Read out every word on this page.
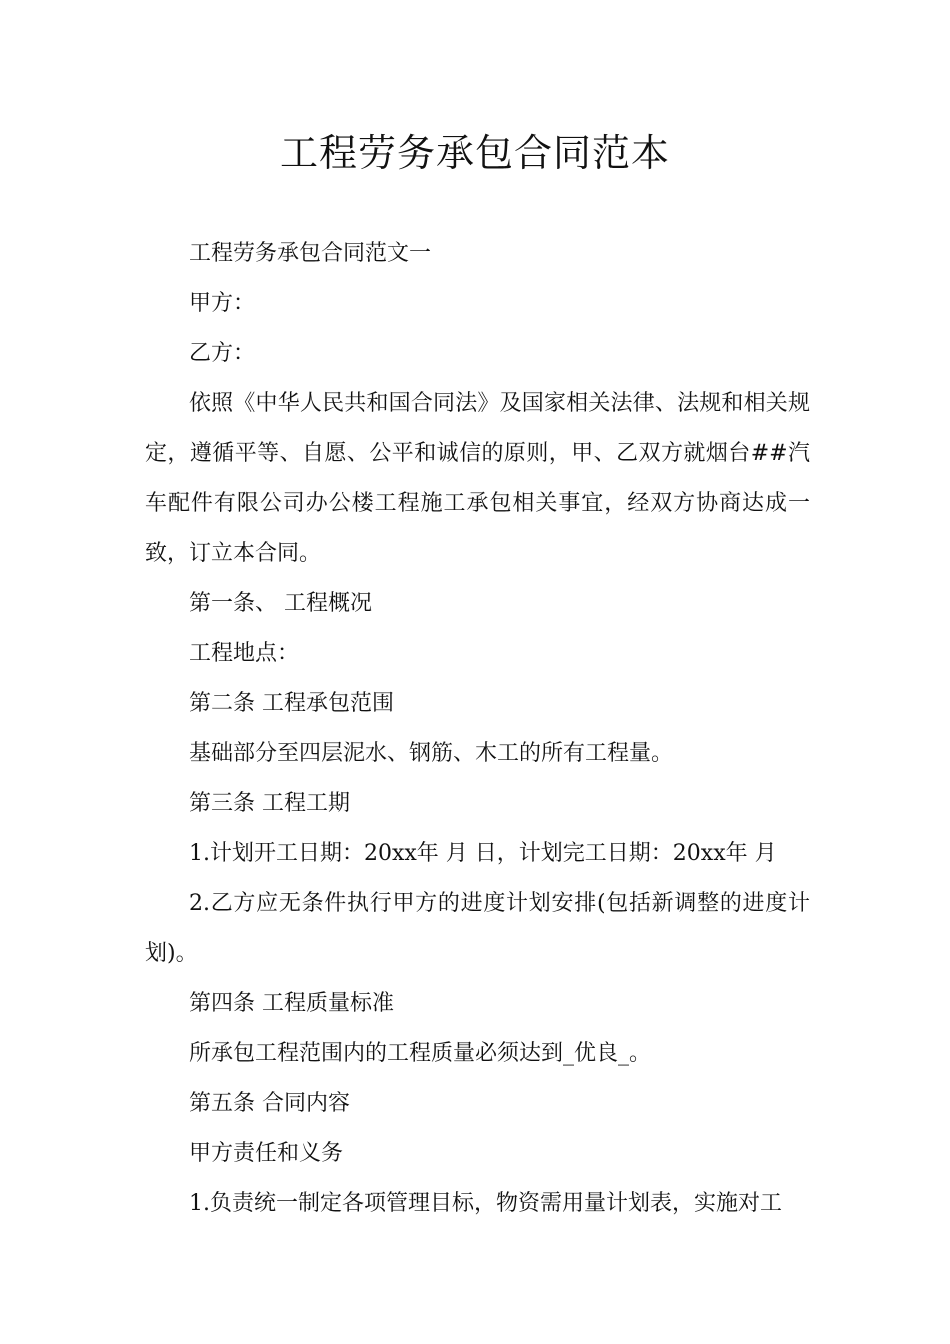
工程劳务承包合同范本

工程劳务承包合同范文一

甲方：

乙方：

依照《中华人民共和国合同法》及国家相关法律、法规和相关规定，遵循平等、自愿、公平和诚信的原则，甲、乙双方就烟台##汽车配件有限公司办公楼工程施工承包相关事宜，经双方协商达成一致，订立本合同。

第一条、 工程概况

工程地点：

第二条 工程承包范围

基础部分至四层泥水、钢筋、木工的所有工程量。

第三条 工程工期

1.计划开工日期：20xx年 月 日，计划完工日期：20xx年 月

2.乙方应无条件执行甲方的进度计划安排(包括新调整的进度计划)。

第四条 工程质量标准

所承包工程范围内的工程质量必须达到_优良_。

第五条 合同内容

甲方责任和义务

1.负责统一制定各项管理目标，物资需用量计划表，实施对工
